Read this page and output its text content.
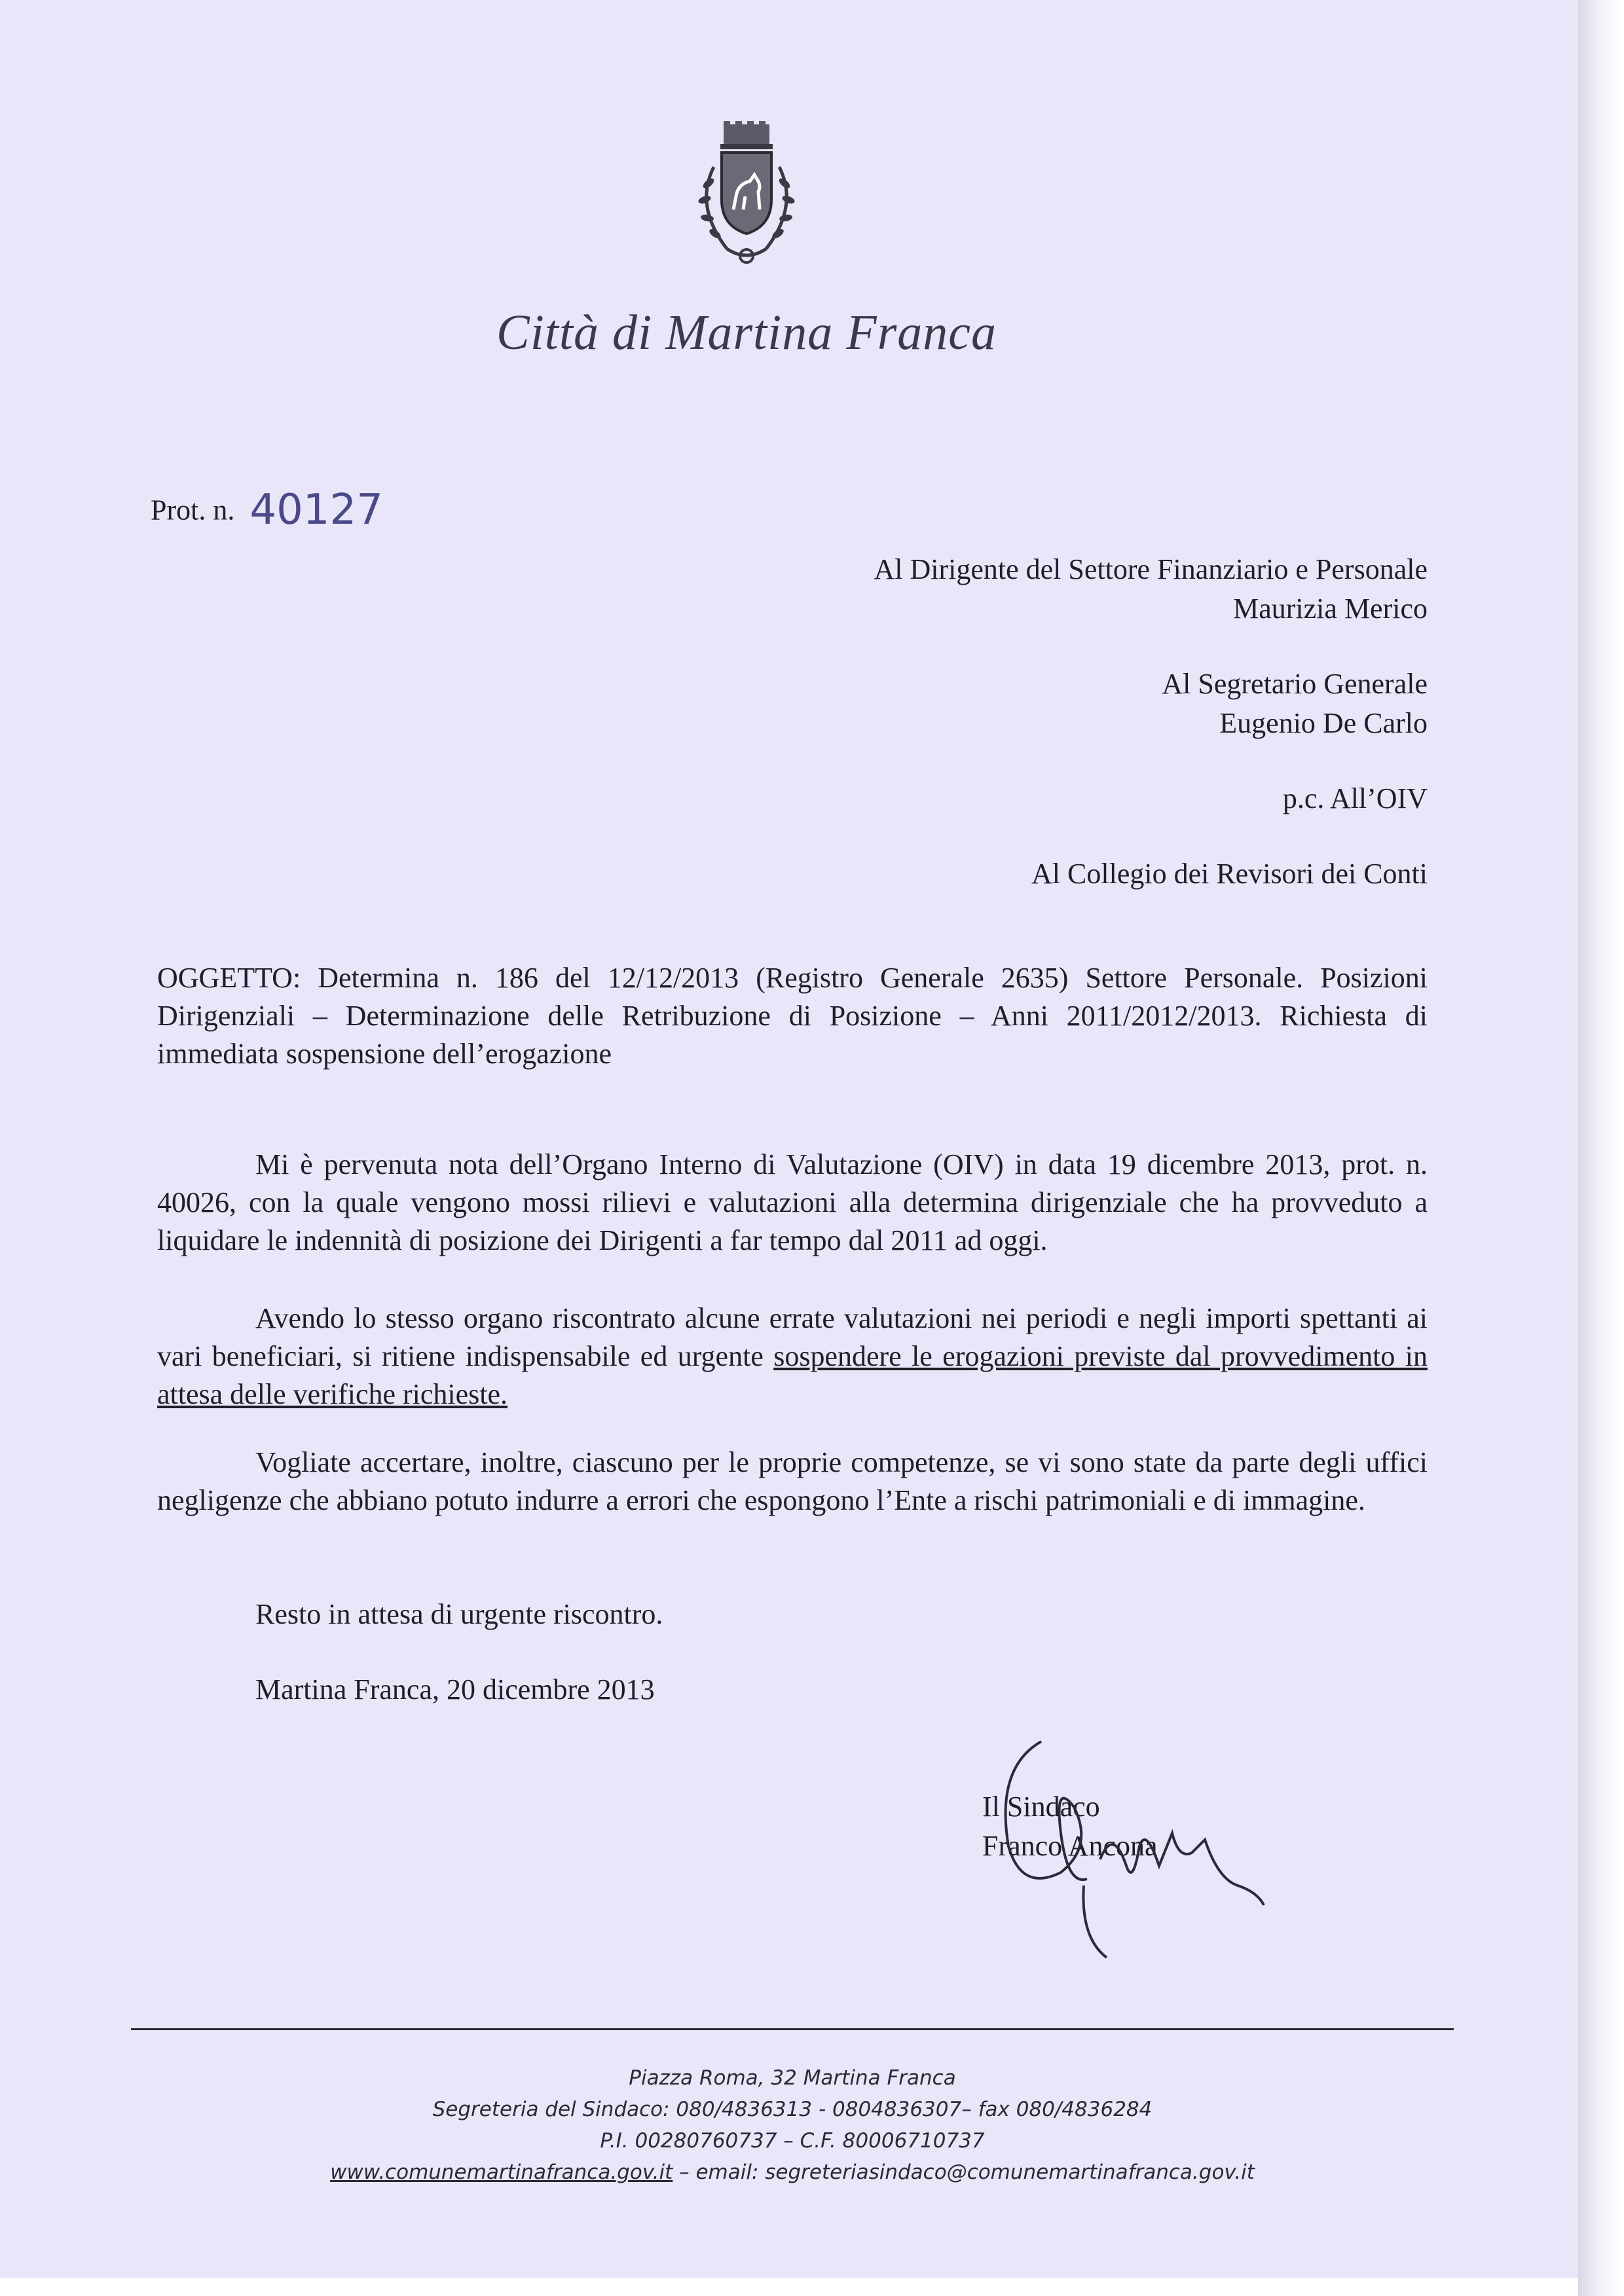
Città di Martina Franca
Prot. n. 40127
Al Dirigente del Settore Finanziario e Personale
Maurizia Merico
Al Segretario Generale
Eugenio De Carlo
p.c. All’OIV
Al Collegio dei Revisori dei Conti
OGGETTO: Determina n. 186 del 12/12/2013 (Registro Generale 2635) Settore Personale. Posizioni Dirigenziali – Determinazione delle Retribuzione di Posizione – Anni 2011/2012/2013. Richiesta di immediata sospensione dell’erogazione
Mi è pervenuta nota dell’Organo Interno di Valutazione (OIV) in data 19 dicembre 2013, prot. n. 40026, con la quale vengono mossi rilievi e valutazioni alla determina dirigenziale che ha provveduto a liquidare le indennità di posizione dei Dirigenti a far tempo dal 2011 ad oggi.
Avendo lo stesso organo riscontrato alcune errate valutazioni nei periodi e negli importi spettanti ai vari beneficiari, si ritiene indispensabile ed urgente sospendere le erogazioni previste dal provvedimento in attesa delle verifiche richieste.
Vogliate accertare, inoltre, ciascuno per le proprie competenze, se vi sono state da parte degli uffici negligenze che abbiano potuto indurre a errori che espongono l’Ente a rischi patrimoniali e di immagine.
Resto in attesa di urgente riscontro.
Martina Franca, 20 dicembre 2013
Il Sindaco
Franco Ancona
Piazza Roma, 32 Martina Franca
Segreteria del Sindaco: 080/4836313 - 0804836307– fax 080/4836284
P.I. 00280760737 – C.F. 80006710737
www.comunemartinafranca.gov.it – email: segreteriasindaco@comunemartinafranca.gov.it
